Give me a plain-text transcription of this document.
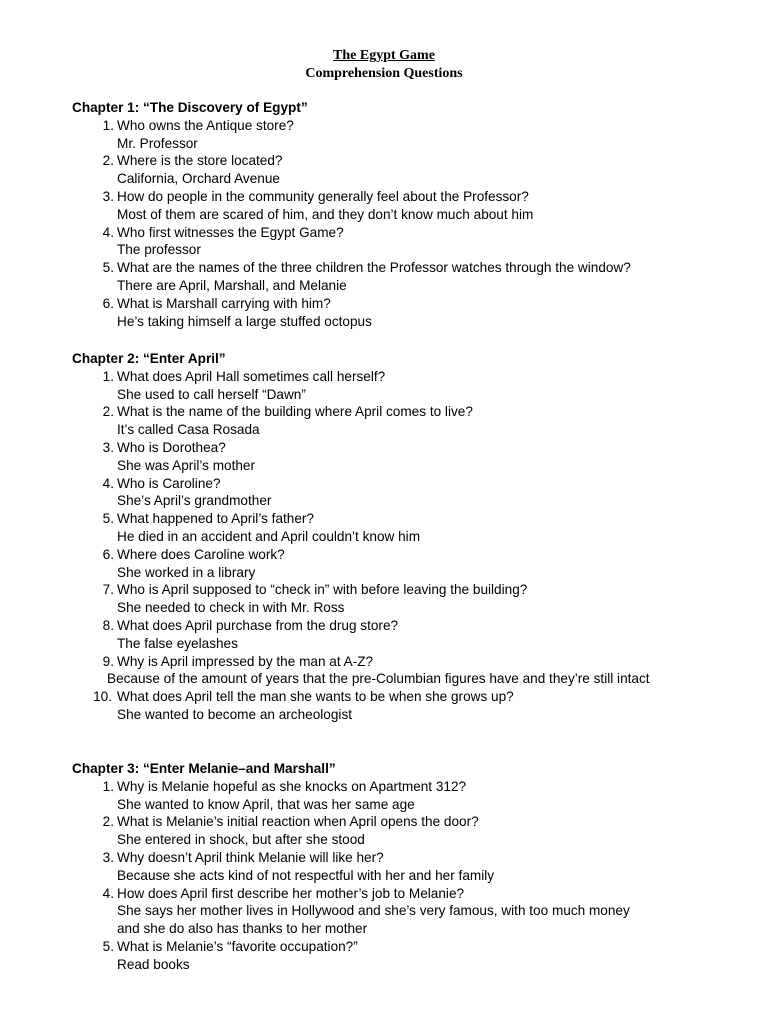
The Egypt Game
Comprehension Questions
Chapter 1: “The Discovery of Egypt”
1. Who owns the Antique store?
Mr. Professor
2. Where is the store located?
California, Orchard Avenue
3. How do people in the community generally feel about the Professor?
Most of them are scared of him, and they don’t know much about him
4. Who first witnesses the Egypt Game?
The professor
5. What are the names of the three children the Professor watches through the window?
There are April, Marshall, and Melanie
6. What is Marshall carrying with him?
He’s taking himself a large stuffed octopus
Chapter 2: “Enter April”
1. What does April Hall sometimes call herself?
She used to call herself “Dawn”
2. What is the name of the building where April comes to live?
It’s called Casa Rosada
3. Who is Dorothea?
She was April’s mother
4. Who is Caroline?
She’s April’s grandmother
5. What happened to April’s father?
He died in an accident and April couldn’t know him
6. Where does Caroline work?
She worked in a library
7. Who is April supposed to “check in” with before leaving the building?
She needed to check in with Mr. Ross
8. What does April purchase from the drug store?
The false eyelashes
9. Why is April impressed by the man at A-Z?
Because of the amount of years that the pre-Columbian figures have and they’re still intact
10. What does April tell the man she wants to be when she grows up?
She wanted to become an archeologist
Chapter 3: “Enter Melanie–and Marshall”
1. Why is Melanie hopeful as she knocks on Apartment 312?
She wanted to know April, that was her same age
2. What is Melanie’s initial reaction when April opens the door?
She entered in shock, but after she stood
3. Why doesn’t April think Melanie will like her?
Because she acts kind of not respectful with her and her family
4. How does April first describe her mother’s job to Melanie?
She says her mother lives in Hollywood and she’s very famous, with too much money
and she do also has thanks to her mother
5. What is Melanie’s “favorite occupation?”
Read books
